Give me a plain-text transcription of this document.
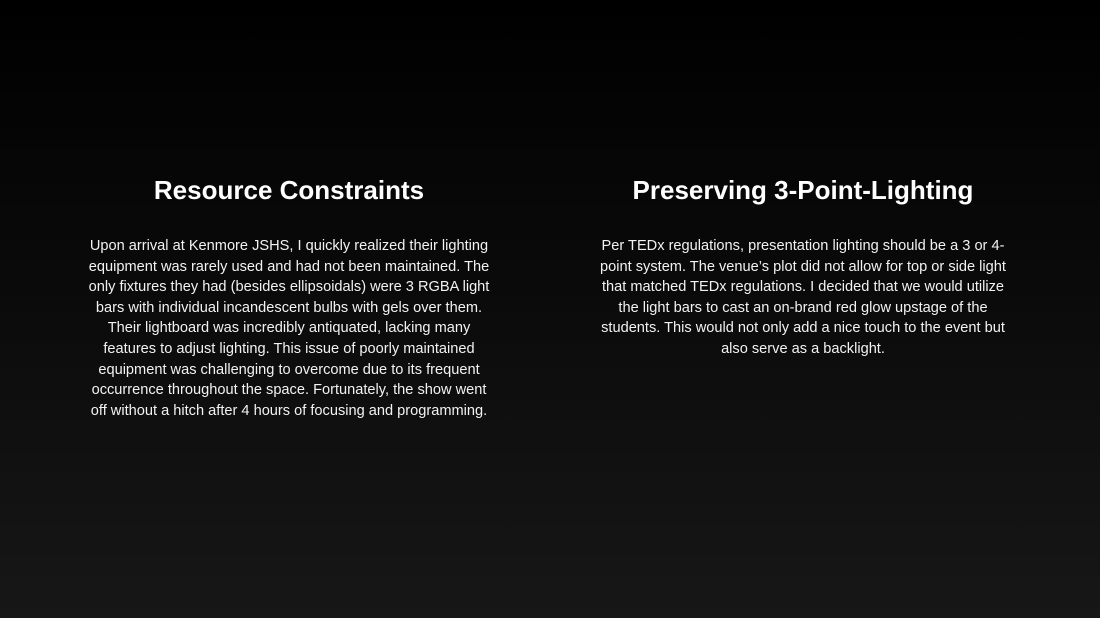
Resource Constraints

Upon arrival at Kenmore JSHS, I quickly realized their lighting equipment was rarely used and had not been maintained. The only fixtures they had (besides ellipsoidals) were 3 RGBA light bars with individual incandescent bulbs with gels over them. Their lightboard was incredibly antiquated, lacking many features to adjust lighting. This issue of poorly maintained equipment was challenging to overcome due to its frequent occurrence throughout the space. Fortunately, the show went off without a hitch after 4 hours of focusing and programming.

Preserving 3-Point-Lighting

Per TEDx regulations, presentation lighting should be a 3 or 4-point system. The venue’s plot did not allow for top or side light that matched TEDx regulations. I decided that we would utilize the light bars to cast an on-brand red glow upstage of the students. This would not only add a nice touch to the event but also serve as a backlight.
